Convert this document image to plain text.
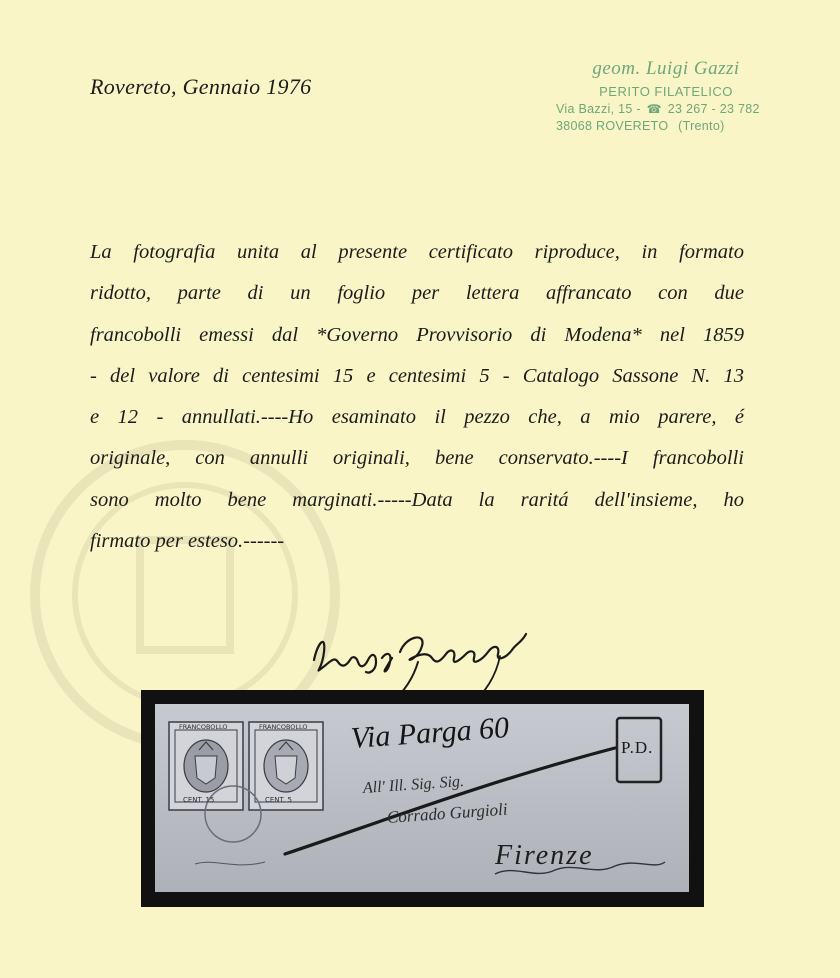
Rovereto, Gennaio 1976
geom. Luigi Gazzi
PERITO FILATELICO
Via Bazzi, 15 - ☎ 23 267 - 23 782
38068 ROVERETO (Trento)
La fotografia unita al presente certificato riproduce, in formato
ridotto, parte di un foglio per lettera affrancato con due
francobolli emessi dal *Governo Provvisorio di Modena* nel 1859
- del valore di centesimi 15 e centesimi 5 - Catalogo Sassone N. 13
e 12 - annullati.----Ho esaminato il pezzo che, a mio parere, é
originale, con annulli originali, bene conservato.----I francobolli
sono molto bene marginati.-----Data la raritá dell'insieme, ho
firmato per esteso.------
FRANCOBOLLO
CENT. 15
FRANCOBOLLO
CENT. 5
P.D.
Via Parga 60
All' Ill. Sig. Sig.
Corrado Gurgioli
Firenze
